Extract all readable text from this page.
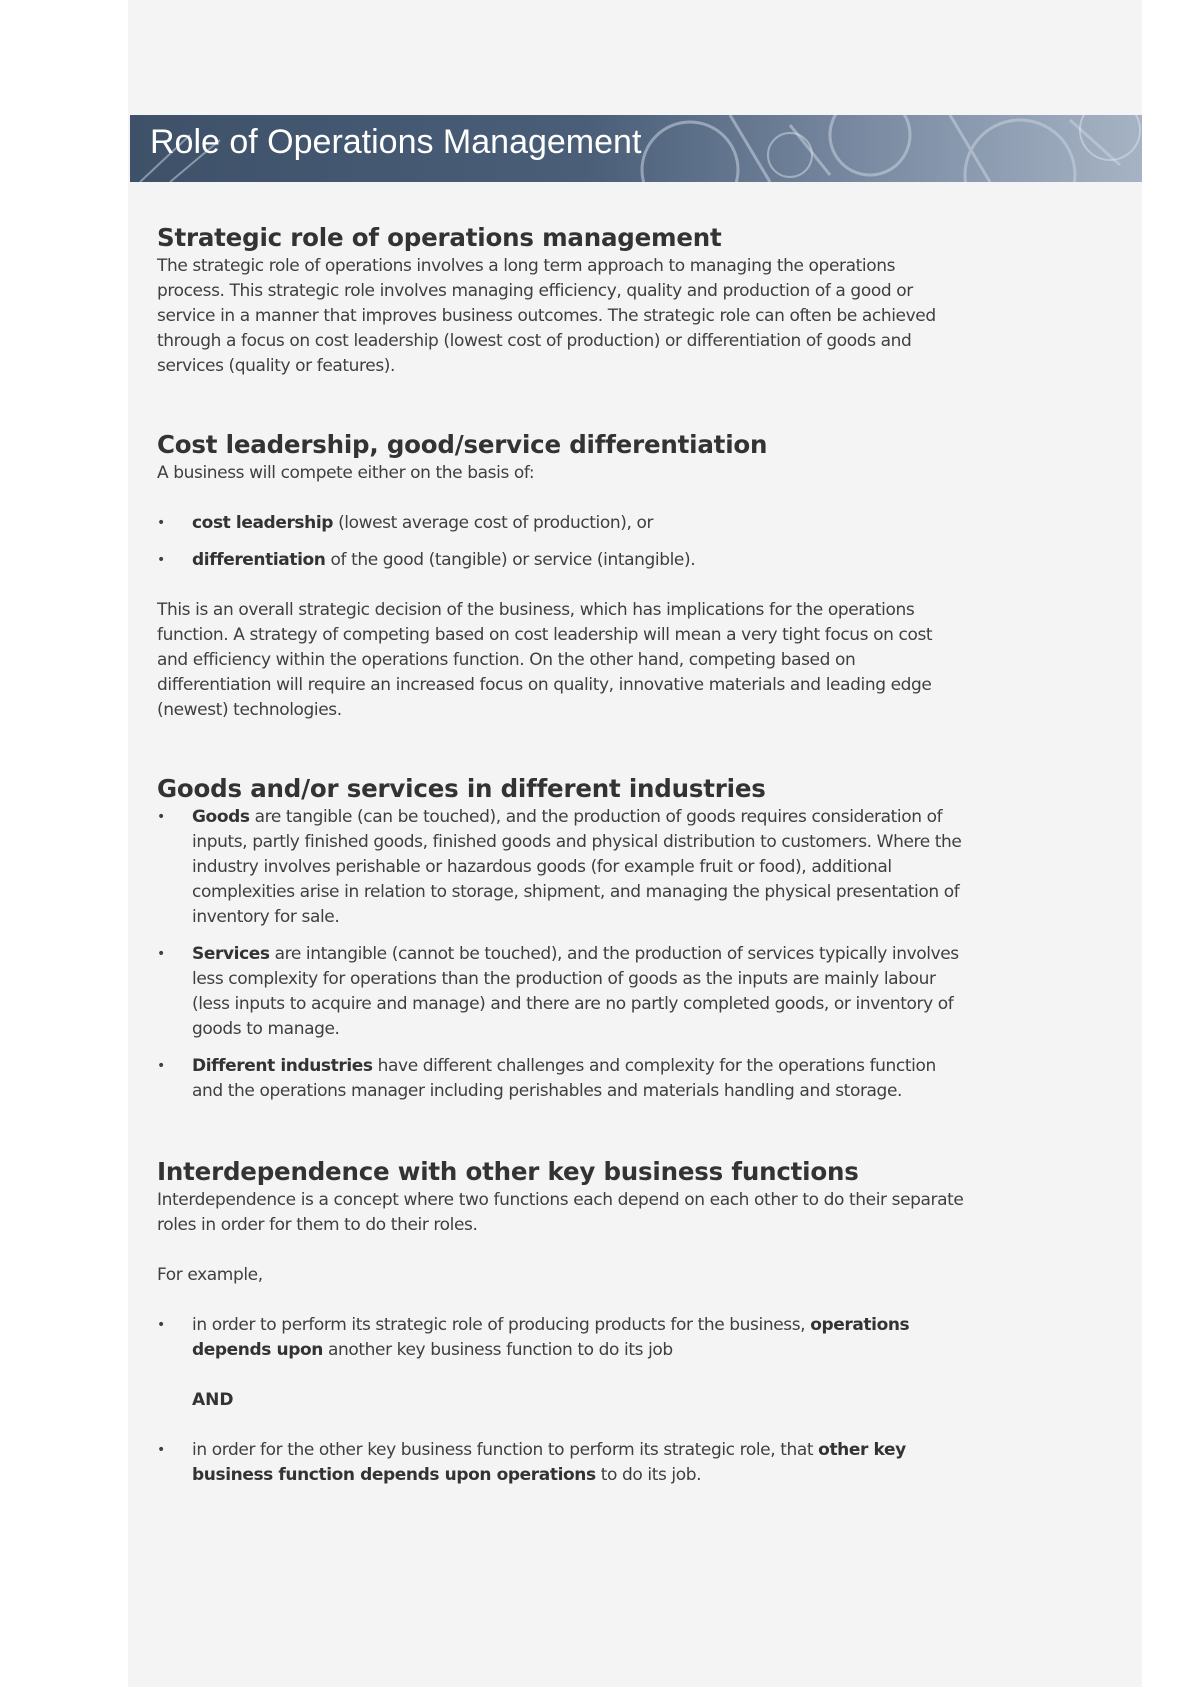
Role of Operations Management
Strategic role of operations management

The strategic role of operations involves a long term approach to managing the operations process. This strategic role involves managing efficiency, quality and production of a good or service in a manner that improves business outcomes. The strategic role can often be achieved through a focus on cost leadership (lowest cost of production) or differentiation of goods and services (quality or features).

Cost leadership, good/service differentiation

A business will compete either on the basis of:

• cost leadership (lowest average cost of production), or
• differentiation of the good (tangible) or service (intangible).

This is an overall strategic decision of the business, which has implications for the operations function. A strategy of competing based on cost leadership will mean a very tight focus on cost and efficiency within the operations function. On the other hand, competing based on differentiation will require an increased focus on quality, innovative materials and leading edge (newest) technologies.

Goods and/or services in different industries
• Goods are tangible (can be touched), and the production of goods requires consideration of inputs, partly finished goods, finished goods and physical distribution to customers. Where the industry involves perishable or hazardous goods (for example fruit or food), additional complexities arise in relation to storage, shipment, and managing the physical presentation of inventory for sale.
• Services are intangible (cannot be touched), and the production of services typically involves less complexity for operations than the production of goods as the inputs are mainly labour (less inputs to acquire and manage) and there are no partly completed goods, or inventory of goods to manage.
• Different industries have different challenges and complexity for the operations function and the operations manager including perishables and materials handling and storage.
Interdependence with other key business functions

Interdependence is a concept where two functions each depend on each other to do their separate roles in order for them to do their roles.

For example,

• in order to perform its strategic role of producing products for the business, operations depends upon another key business function to do its job
AND
• in order for the other key business function to perform its strategic role, that other key business function depends upon operations to do its job.
